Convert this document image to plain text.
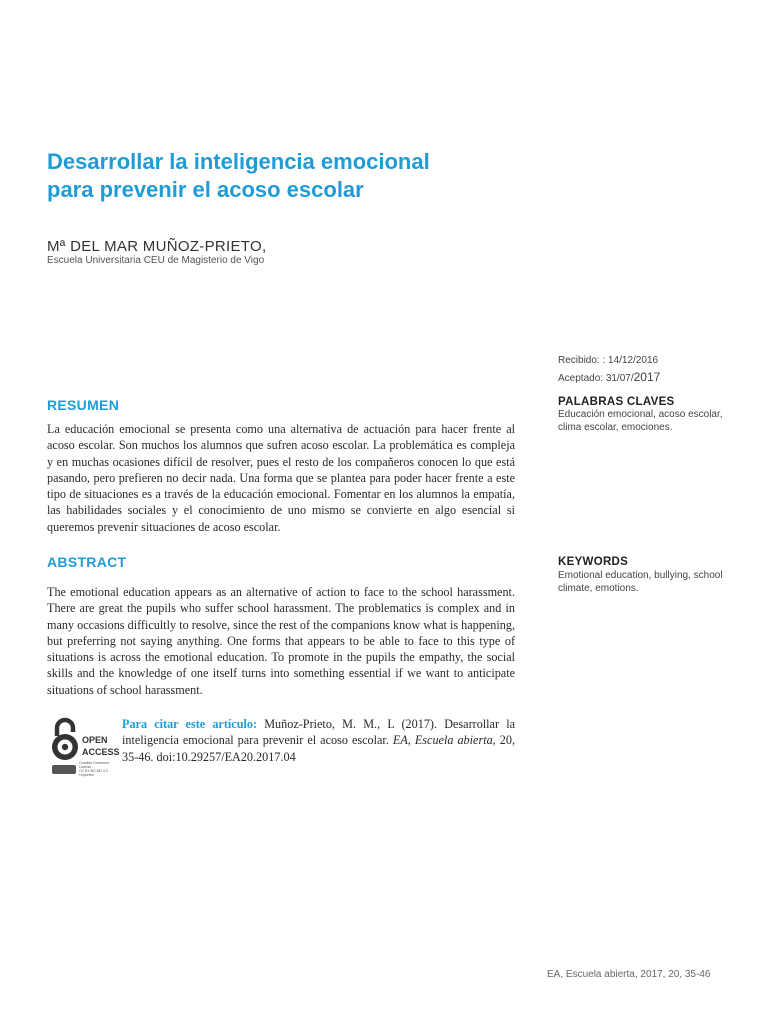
Desarrollar la inteligencia emocional
para prevenir el acoso escolar
Mª DEL MAR MUÑOZ-PRIETO,
Escuela Universitaria CEU de Magisterio de Vigo
Recibido: : 14/12/2016
Aceptado: 31/07/2017
RESUMEN

La educación emocional se presenta como una alternativa de actuación para hacer frente al acoso escolar. Son muchos los alumnos que sufren acoso escolar. La problemática es compleja y en muchas ocasiones difícil de resolver, pues el resto de los compañeros conocen lo que está pasando, pero prefieren no decir nada. Una forma que se plantea para poder hacer frente a este tipo de situaciones es a través de la educación emocional. Fomentar en los alumnos la empatía, las habilidades sociales y el conocimiento de uno mismo se convierte en algo esencial si queremos prevenir situaciones de acoso escolar.

PALABRAS CLAVES
Educación emocional, acoso escolar, clima escolar, emociones.
ABSTRACT

The emotional education appears as an alternative of action to face to the school harassment. There are great the pupils who suffer school harassment. The problematics is complex and in many occasions difficultly to resolve, since the rest of the companions know what is happening, but preferring not saying anything. One forms that appears to be able to face to this type of situations is across the emotional education. To promote in the pupils the empathy, the social skills and the knowledge of one itself turns into something essential if we want to anticipate situations of school harassment.

KEYWORDS
Emotional education, bullying, school climate, emotions.
OPEN
ACCESS
Creative Commons License
CC BY-NC-ND 3.0 Unported
Para citar este artículo: Muñoz-Prieto, M. M., L (2017). Desarrollar la inteligencia emocional para prevenir el acoso escolar. EA, Escuela abierta, 20, 35-46. doi:10.29257/EA20.2017.04
EA, Escuela abierta, 2017, 20, 35-46
